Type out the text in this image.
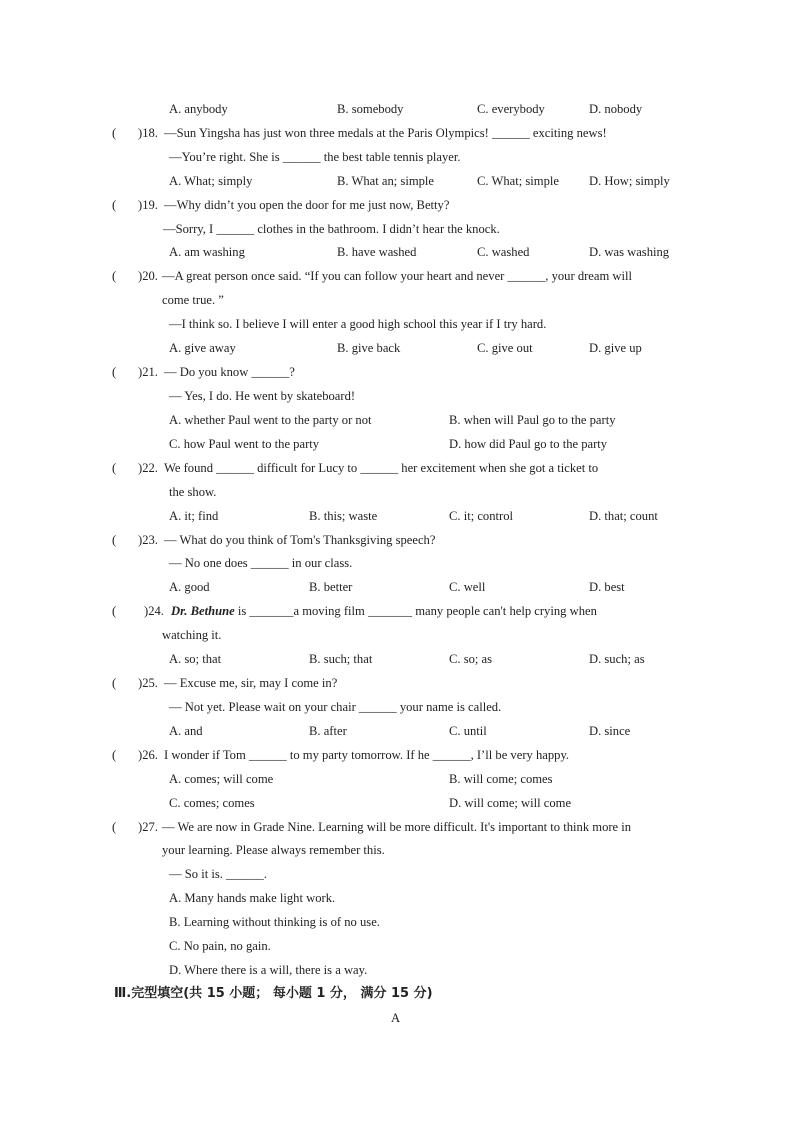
A. anybody	B. somebody	C. everybody	D. nobody
( )18. —Sun Yingsha has just won three medals at the Paris Olympics! ______ exciting news!
—You’re right. She is ______ the best table tennis player.
A. What; simply	B. What an; simple	C. What; simple D. How; simply
( )19. —Why didn’t you open the door for me just now, Betty?
—Sorry, I ______ clothes in the bathroom. I didn’t hear the knock.
A. am washing	B. have washed	C. washed	D. was washing
( )20. —A great person once said. “If you can follow your heart and never ______, your dream will
come true. ”
—I think so. I believe I will enter a good high school this year if I try hard.
A. give away	B. give back	C. give out	D. give up
( )21. — Do you know ______?
— Yes, I do. He went by skateboard!
A. whether Paul went to the party or not	B. when will Paul go to the party
C. how Paul went to the party	D. how did Paul go to the party
( )22. We found ______ difficult for Lucy to ______ her excitement when she got a ticket to
the show.
A. it; find	B. this; waste	C. it; control	D. that; count
( )23. — What do you think of Tom's Thanksgiving speech?
— No one does ______ in our class.
A. good	B. better	C. well	D. best
( )24. Dr. Bethune is _______a moving film _______ many people can't help crying when
watching it.
A. so; that	B. such; that	C. so; as	D. such; as
( )25. — Excuse me, sir, may I come in?
— Not yet. Please wait on your chair ______ your name is called.
A. and	B. after	C. until	D. since
( )26. I wonder if Tom ______ to my party tomorrow. If he ______, I’ll be very happy.
A. comes; will come	B. will come; comes
C. comes; comes	D. will come; will come
( )27. — We are now in Grade Nine. Learning will be more difficult. It's important to think more in
your learning. Please always remember this.
— So it is. ______.
A. Many hands make light work.
B. Learning without thinking is of no use.
C. No pain, no gain.
D. Where there is a will, there is a way.
Ⅲ.完型填空(共 15 小题； 每小题 1 分， 满分 15 分)
A
